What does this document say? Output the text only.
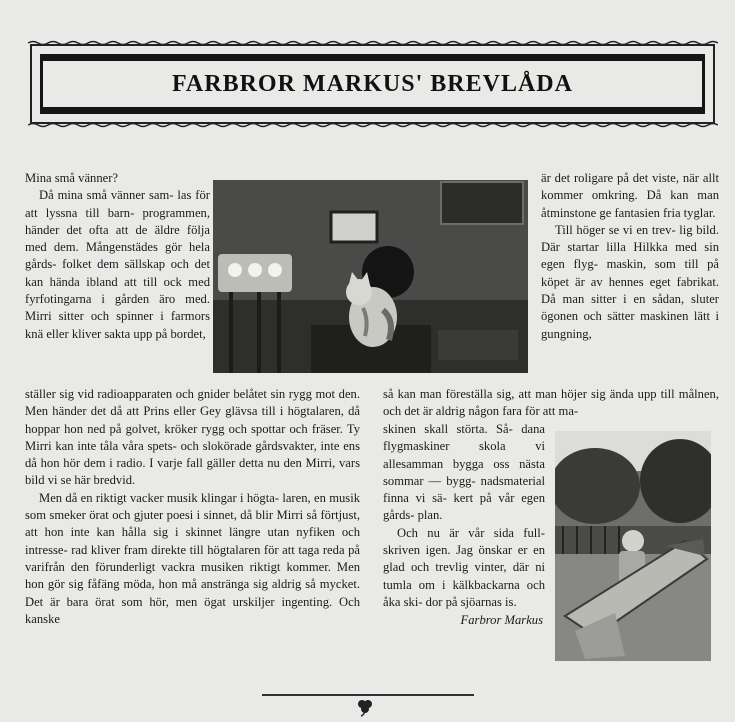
FARBROR MARKUS' BREVLÅDA

Mina små vänner?

Då mina små vänner sam- las för att lyssna till barn- programmen, händer det ofta att de äldre följa med dem. Mångenstädes gör hela gårds- folket dem sällskap och det kan hända ibland att till ock med fyrfotingarna i gården äro med. Mirri sitter och spinner i farmors knä eller kliver sakta upp på bordet,

ställer sig vid radioapparaten och gnider belåtet sin rygg mot den. Men händer det då att Prins eller Gey glävsa till i högtalaren, då hoppar hon ned på golvet, kröker rygg och spottar och fräser. Ty Mirri kan inte tåla våra spets- och slokörade gårdsvakter, inte ens då hon hör dem i radio. I varje fall gäller detta nu den Mirri, vars bild vi se här bredvid.

Men då en riktigt vacker musik klingar i högta- laren, en musik som smeker örat och gjuter poesi i sinnet, då blir Mirri så förtjust, att hon inte kan hålla sig i skinnet längre utan nyfiken och intresse- rad kliver fram direkte till högtalaren för att taga reda på varifrån den förunderligt vackra musiken riktigt kommer. Men hon gör sig fåfäng möda, hon må anstränga sig aldrig så mycket. Det är bara örat som hör, men ögat urskiljer ingenting. Och kanske

är det roligare på det viste, när allt kommer omkring. Då kan man åtminstone ge fantasien fria tyglar.

Till höger se vi en trev- lig bild. Där startar lilla Hilkka med sin egen flyg- maskin, som till på köpet är av hennes eget fabrikat. Då man sitter i en sådan, sluter ögonen och sätter maskinen lätt i gungning,

så kan man föreställa sig, att man höjer sig ända upp till målnen, och det är aldrig någon fara för att ma-

skinen skall störta. Så- dana flygmaskiner skola vi allesamman bygga oss nästa sommar — bygg- nadsmaterial finna vi sä- kert på vår egen gårds- plan.

Och nu är vår sida full- skriven igen. Jag önskar er en glad och trevlig vinter, där ni tumla om i kälkbackarna och åka ski- dor på sjöarnas is.

Farbror Markus
